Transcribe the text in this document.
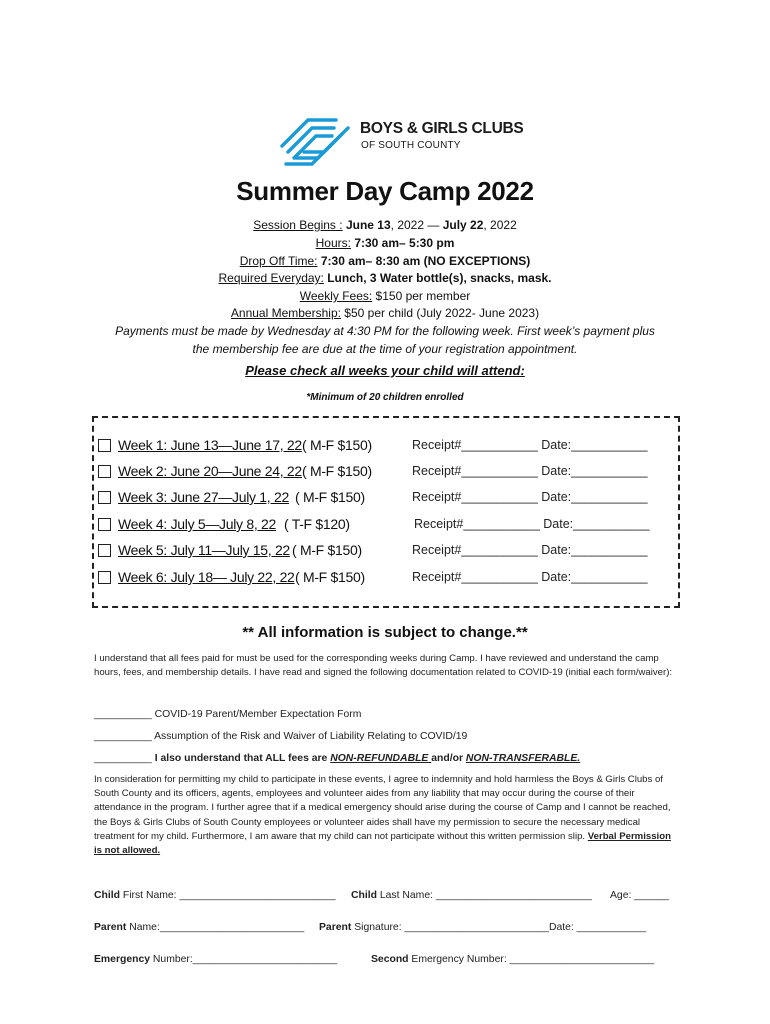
BOYS & GIRLS CLUBS
OF SOUTH COUNTY
Summer Day Camp 2022
Session Begins : June 13, 2022 — July 22, 2022
Hours: 7:30 am– 5:30 pm
Drop Off Time: 7:30 am– 8:30 am (NO EXCEPTIONS)
Required Everyday: Lunch, 3 Water bottle(s), snacks, mask.
Weekly Fees: $150 per member
Annual Membership: $50 per child (July 2022- June 2023)
Payments must be made by Wednesday at 4:30 PM for the following week. First week’s payment plus
the membership fee are due at the time of your registration appointment.
Please check all weeks your child will attend:
*Minimum of 20 children enrolled
Week 1: June 13—June 17, 22 ( M-F $150)	Receipt#___________ Date:___________
Week 2: June 20—June 24, 22 ( M-F $150)	Receipt#___________ Date:___________
Week 3: June 27—July 1, 22 ( M-F $150)	Receipt#___________ Date:___________
Week 4: July 5—July 8, 22 ( T-F $120)	Receipt#___________ Date:___________
Week 5: July 11—July 15, 22 ( M-F $150)	Receipt#___________ Date:___________
Week 6: July 18— July 22, 22 ( M-F $150)	Receipt#___________ Date:___________
** All information is subject to change.**
I understand that all fees paid for must be used for the corresponding weeks during Camp. I have reviewed and understand the camp hours, fees, and membership details. I have read and signed the following documentation related to COVID-19 (initial each form/waiver):
__________ COVID-19 Parent/Member Expectation Form
__________ Assumption of the Risk and Waiver of Liability Relating to COVID/19
__________ I also understand that ALL fees are NON-REFUNDABLE and/or NON-TRANSFERABLE.
In consideration for permitting my child to participate in these events, I agree to indemnity and hold harmless the Boys & Girls Clubs of South County and its officers, agents, employees and volunteer aides from any liability that may occur during the course of their attendance in the program. I further agree that if a medical emergency should arise during the course of Camp and I cannot be reached, the Boys & Girls Clubs of South County employees or volunteer aides shall have my permission to secure the necessary medical treatment for my child. Furthermore, I am aware that my child can not participate without this written permission slip. Verbal Permission is not allowed.
Child First Name: ___________________________ Child Last Name: ___________________________ Age: ______
Parent Name:_________________________ Parent Signature: _________________________Date: ____________
Emergency Number:_________________________	Second Emergency Number: _________________________
